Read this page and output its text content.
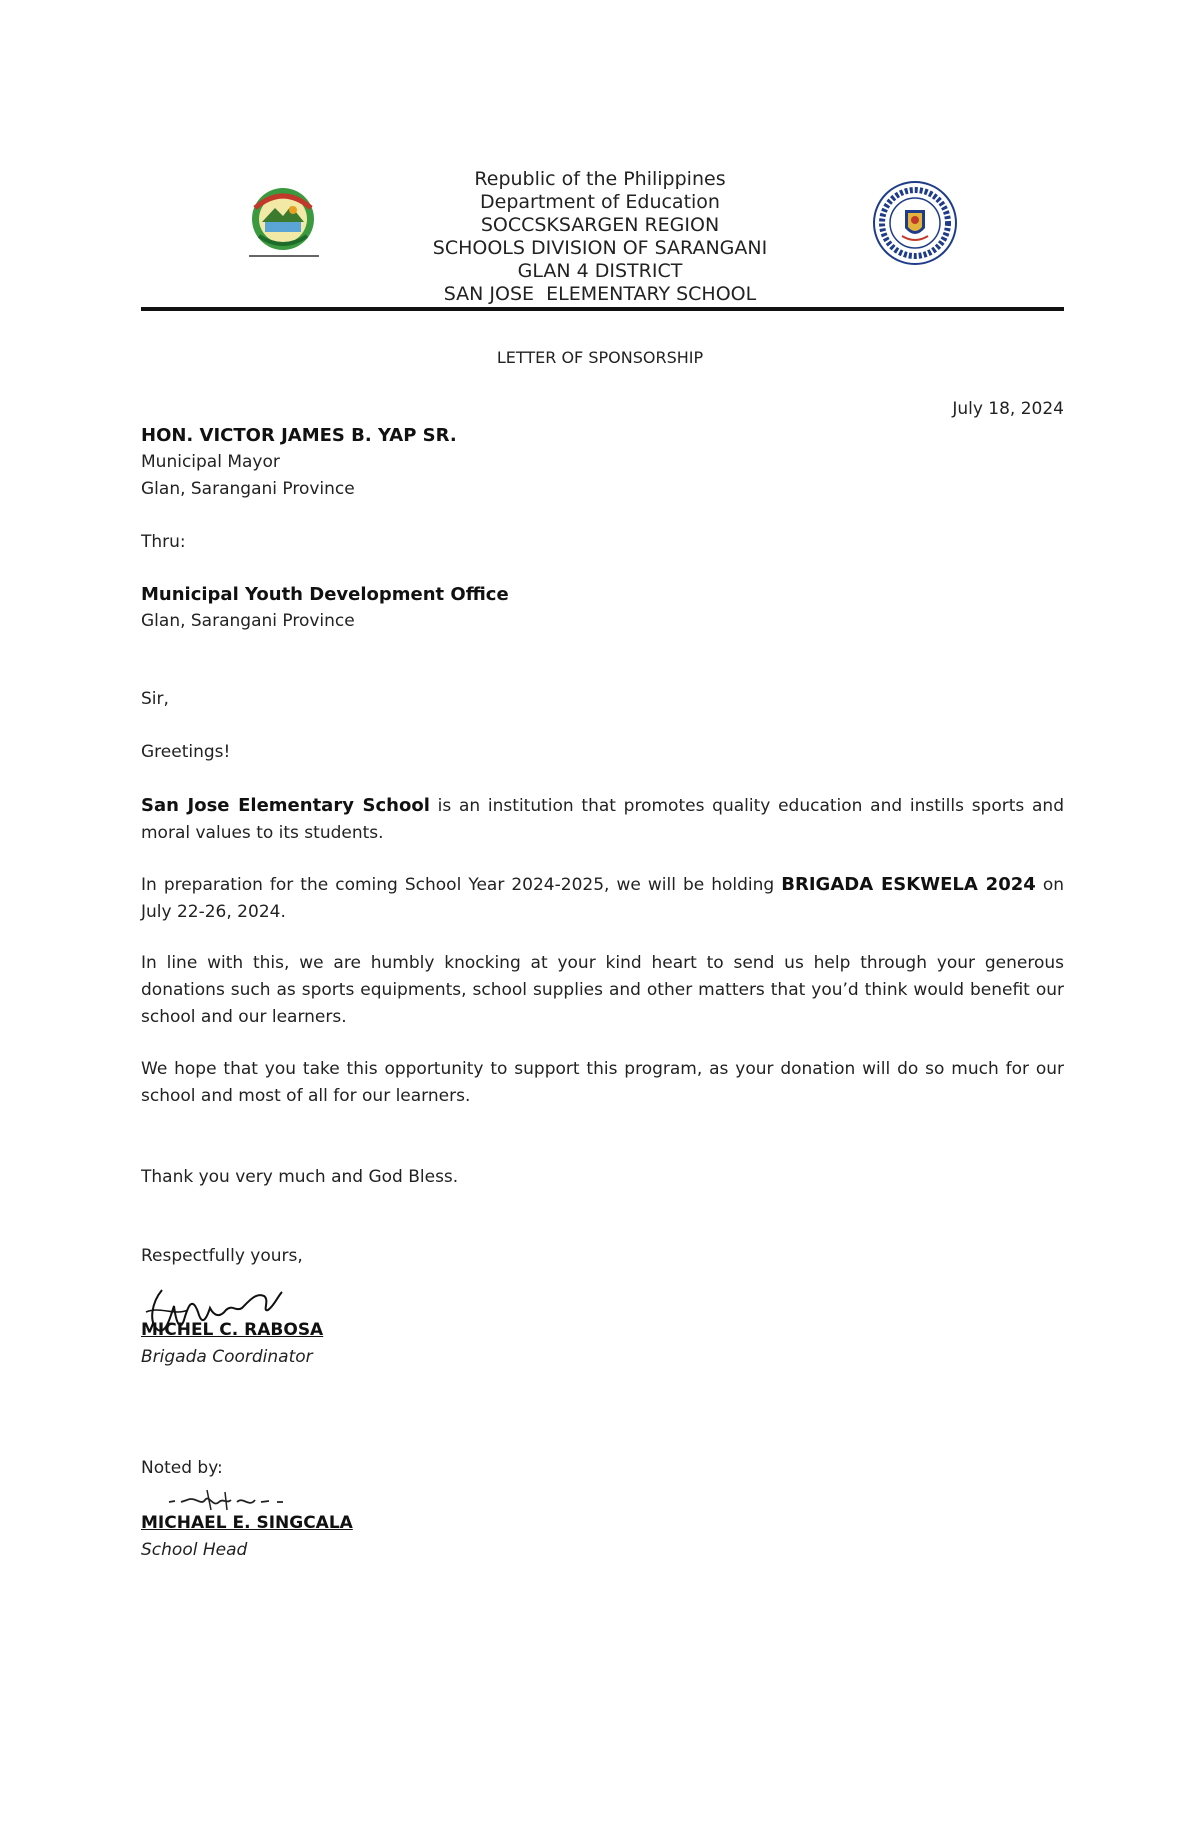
Republic of the Philippines
Department of Education
SOCCSKSARGEN REGION
SCHOOLS DIVISION OF SARANGANI
GLAN 4 DISTRICT
SAN JOSE  ELEMENTARY SCHOOL
LETTER OF SPONSORSHIP
July 18, 2024
HON. VICTOR JAMES B. YAP SR.
Municipal Mayor
Glan, Sarangani Province
Thru:
Municipal Youth Development Office
Glan, Sarangani Province
Sir,
Greetings!
San Jose Elementary School is an institution that promotes quality education and instills sports and moral values to its students.
In preparation for the coming School Year 2024-2025, we will be holding BRIGADA ESKWELA 2024 on July 22-26, 2024.
In line with this, we are humbly knocking at your kind heart to send us help through your generous donations such as sports equipments, school supplies and other matters that you’d think would benefit our school and our learners.
We hope that you take this opportunity to support this program, as your donation will do so much for our school and most of all for our learners.
Thank you very much and God Bless.
Respectfully yours,
MICHEL C. RABOSA
Brigada Coordinator
Noted by:
MICHAEL E. SINGCALA
School Head
